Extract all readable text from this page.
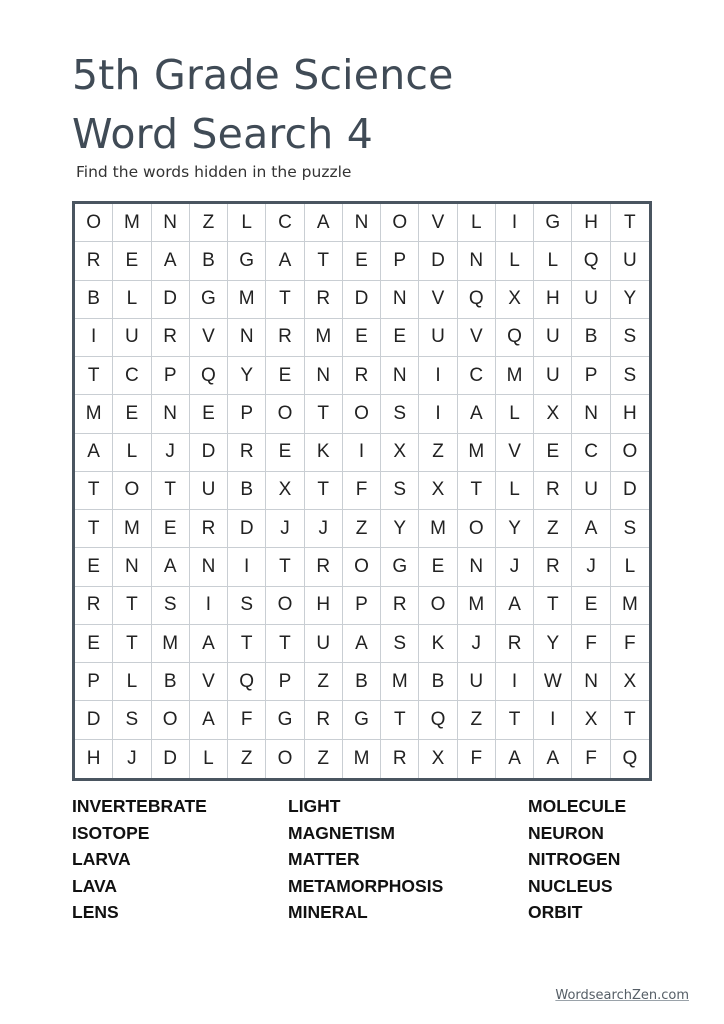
5th Grade Science
Word Search 4
Find the words hidden in the puzzle
O	M	N	Z	L	C	A	N	O	V	L	I	G	H	T
R	E	A	B	G	A	T	E	P	D	N	L	L	Q	U
B	L	D	G	M	T	R	D	N	V	Q	X	H	U	Y
I	U	R	V	N	R	M	E	E	U	V	Q	U	B	S
T	C	P	Q	Y	E	N	R	N	I	C	M	U	P	S
M	E	N	E	P	O	T	O	S	I	A	L	X	N	H
A	L	J	D	R	E	K	I	X	Z	M	V	E	C	O
T	O	T	U	B	X	T	F	S	X	T	L	R	U	D
T	M	E	R	D	J	J	Z	Y	M	O	Y	Z	A	S
E	N	A	N	I	T	R	O	G	E	N	J	R	J	L
R	T	S	I	S	O	H	P	R	O	M	A	T	E	M
E	T	M	A	T	T	U	A	S	K	J	R	Y	F	F
P	L	B	V	Q	P	Z	B	M	B	U	I	W	N	X
D	S	O	A	F	G	R	G	T	Q	Z	T	I	X	T
H	J	D	L	Z	O	Z	M	R	X	F	A	A	F	Q
INVERTEBRATE
ISOTOPE
LARVA
LAVA
LENS
LIGHT
MAGNETISM
MATTER
METAMORPHOSIS
MINERAL
MOLECULE
NEURON
NITROGEN
NUCLEUS
ORBIT
WordsearchZen.com
